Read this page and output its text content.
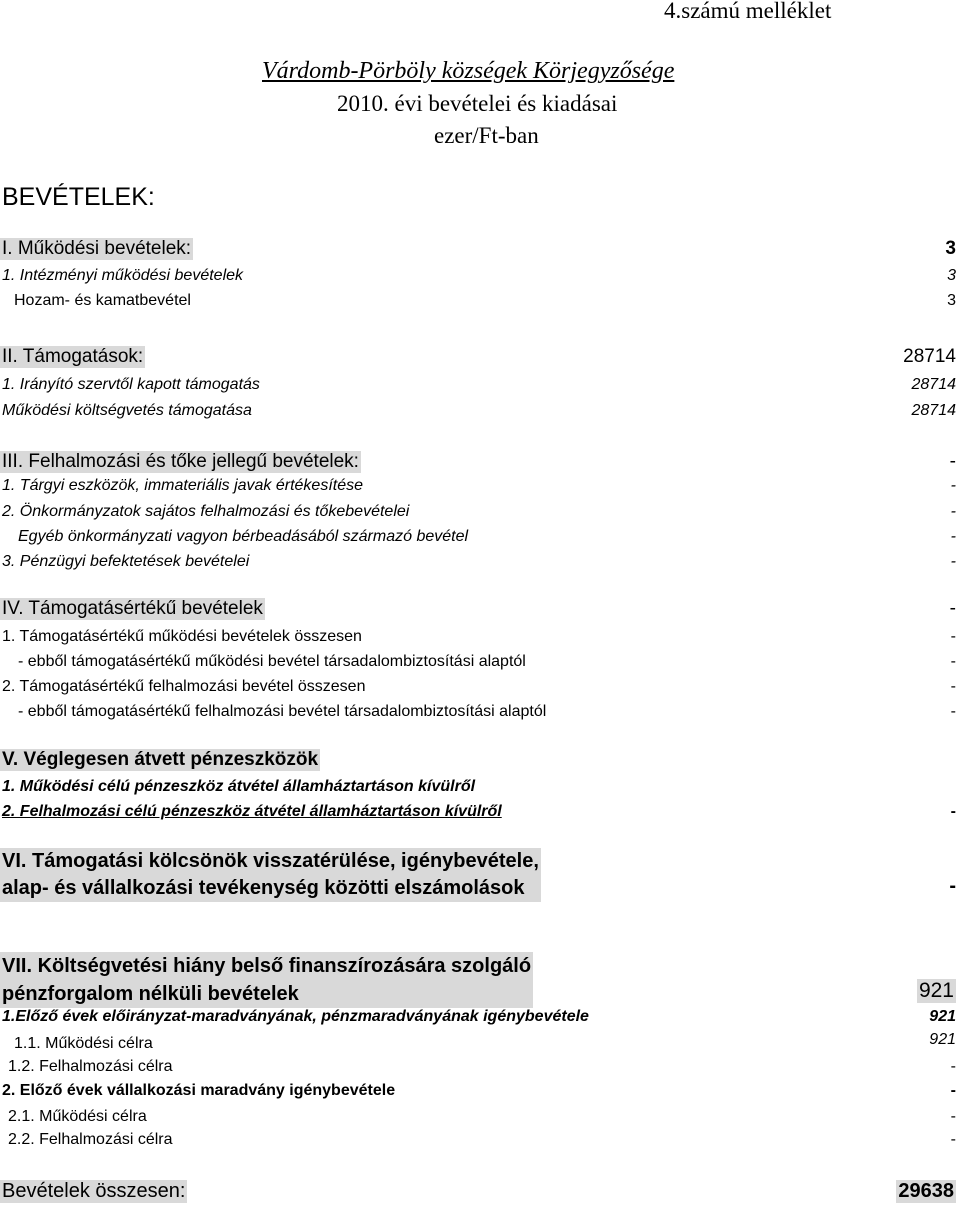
4.számú melléklet
Várdomb-Pörböly községek Körjegyzősége
2010. évi bevételei és kiadásai
ezer/Ft-ban
BEVÉTELEK:
I. Működési bevételek:	3
1. Intézményi működési bevételek	3
Hozam- és kamatbevétel	3
II. Támogatások:	28714
1. Irányító szervtől kapott támogatás	28714
Működési költségvetés támogatása	28714
III. Felhalmozási és tőke jellegű bevételek:	-
1. Tárgyi eszközök, immateriális javak értékesítése	-
2. Önkormányzatok sajátos felhalmozási és tőkebevételei	-
Egyéb önkormányzati vagyon bérbeadásából származó bevétel	-
3. Pénzügyi befektetések bevételei	-
IV. Támogatásértékű bevételek	-
1. Támogatásértékű működési bevételek összesen	-
- ebből támogatásértékű működési bevétel társadalombiztosítási alaptól	-
2. Támogatásértékű felhalmozási bevétel összesen	-
- ebből támogatásértékű felhalmozási bevétel társadalombiztosítási alaptól	-
V. Véglegesen átvett pénzeszközök
1. Működési célú pénzeszköz átvétel államháztartáson kívülről
2. Felhalmozási célú pénzeszköz átvétel államháztartáson kívülről	-
VI. Támogatási kölcsönök visszatérülése, igénybevétele,
alap- és vállalkozási tevékenység közötti elszámolások	-
VII. Költségvetési hiány belső finanszírozására szolgáló
pénzforgalom nélküli bevételek	921
1.Előző évek előirányzat-maradványának, pénzmaradványának igénybevétele	921
1.1. Működési célra	921
1.2. Felhalmozási célra	-
2. Előző évek vállalkozási maradvány igénybevétele	-
2.1. Működési célra	-
2.2. Felhalmozási célra	-
Bevételek összesen:	29638
